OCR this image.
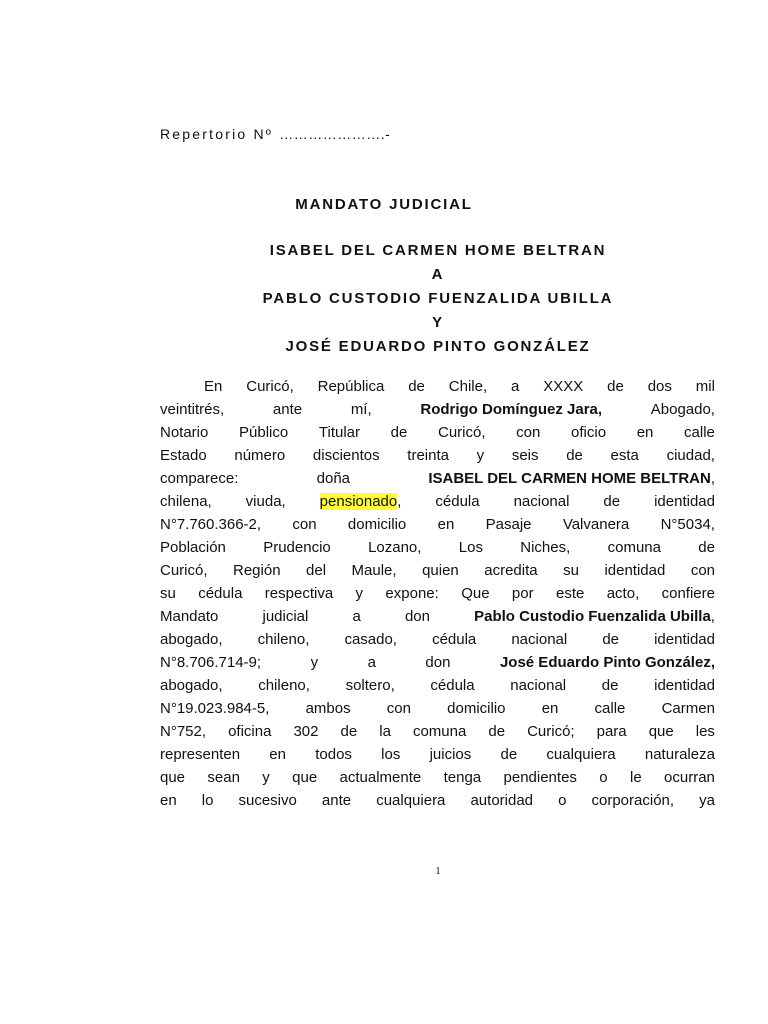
Repertorio Nº ………………….-
MANDATO JUDICIAL
ISABEL DEL CARMEN HOME BELTRAN
A
PABLO CUSTODIO FUENZALIDA UBILLA
Y
JOSÉ EDUARDO PINTO GONZÁLEZ
En Curicó, República de Chile, a XXXX de dos mil
veintitrés,	ante	mí,	Rodrigo Domínguez Jara,	Abogado,
Notario Público Titular de Curicó, con oficio en calle
Estado número discientos treinta y seis de esta ciudad,
comparece:	doña	ISABEL DEL CARMEN HOME BELTRAN,
chilena, viuda, pensionado, cédula nacional de identidad
N°7.760.366-2, con domicilio en Pasaje Valvanera N°5034,
Población Prudencio Lozano, Los Niches, comuna de
Curicó, Región del Maule, quien acredita su identidad con
su cédula respectiva y expone: Que por este acto, confiere
Mandato	judicial	a	don	Pablo Custodio Fuenzalida Ubilla,
abogado, chileno, casado, cédula nacional de identidad
N°8.706.714-9;	y	a	don	José Eduardo Pinto González,
abogado, chileno, soltero, cédula nacional de identidad
N°19.023.984-5, ambos con domicilio en calle Carmen
N°752, oficina 302 de la comuna de Curicó; para que les
representen en todos los juicios de cualquiera naturaleza
que sean y que actualmente tenga pendientes o le ocurran
en lo sucesivo ante cualquiera autoridad o corporación, ya
1
